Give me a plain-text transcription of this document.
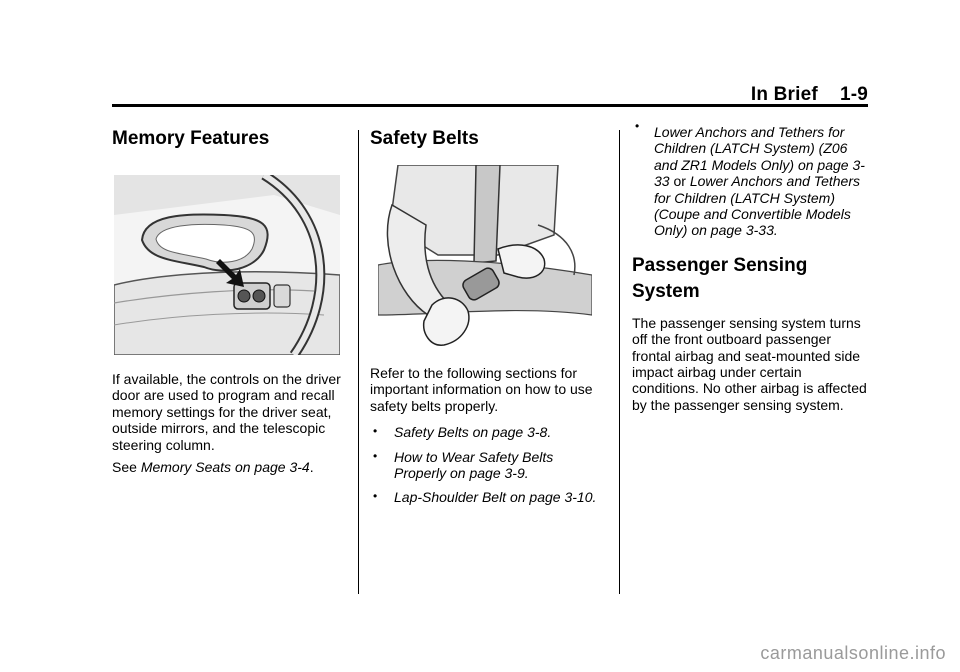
In Brief 1-9
Memory Features

If available, the controls on the driver door are used to program and recall memory settings for the driver seat, outside mirrors, and the telescopic steering column.

See Memory Seats on page 3-4.

Safety Belts

Refer to the following sections for important information on how to use safety belts properly.

• Safety Belts on page 3-8.
• How to Wear Safety Belts Properly on page 3-9.
• Lap-Shoulder Belt on page 3-10.
• Lower Anchors and Tethers for Children (LATCH System) (Z06 and ZR1 Models Only) on page 3-33 or Lower Anchors and Tethers for Children (LATCH System) (Coupe and Convertible Models Only) on page 3-33.
Passenger Sensing System

The passenger sensing system turns off the front outboard passenger frontal airbag and seat-mounted side impact airbag under certain conditions. No other airbag is affected by the passenger sensing system.

carmanualsonline.info
